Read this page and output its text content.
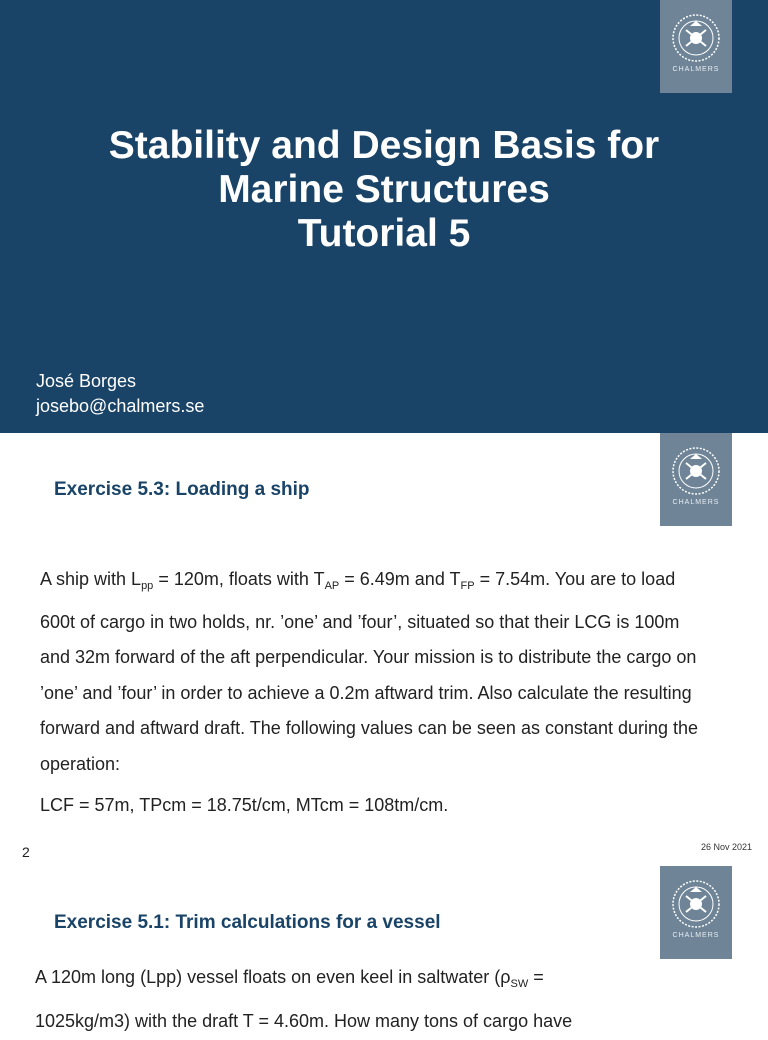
CHALMERS
Stability and Design Basis for
Marine Structures
Tutorial 5
José Borges
josebo@chalmers.se
CHALMERS
Exercise 5.3: Loading a ship

A ship with $L_{pp} = 120m$, floats with $T_{AP} = 6.49m$ and $T_{FP} = 7.54m$. You are to load 600t of cargo in two holds, nr. ’one’ and ’four’, situated so that their LCG is 100m and 32m forward of the aft perpendicular. Your mission is to distribute the cargo on ’one’ and ’four’ in order to achieve a 0.2m aftward trim. Also calculate the resulting forward and aftward draft. The following values can be seen as constant during the operation:

LCF = 57m, TPcm = 18.75t/cm, MTcm = 108tm/cm.

2	26 Nov 2021
CHALMERS
Exercise 5.1: Trim calculations for a vessel

A 120m long (Lpp) vessel floats on even keel in saltwater $(\rho_{SW} = 1025kg/m3)$ with the draft T = 4.60m. How many tons of cargo have
